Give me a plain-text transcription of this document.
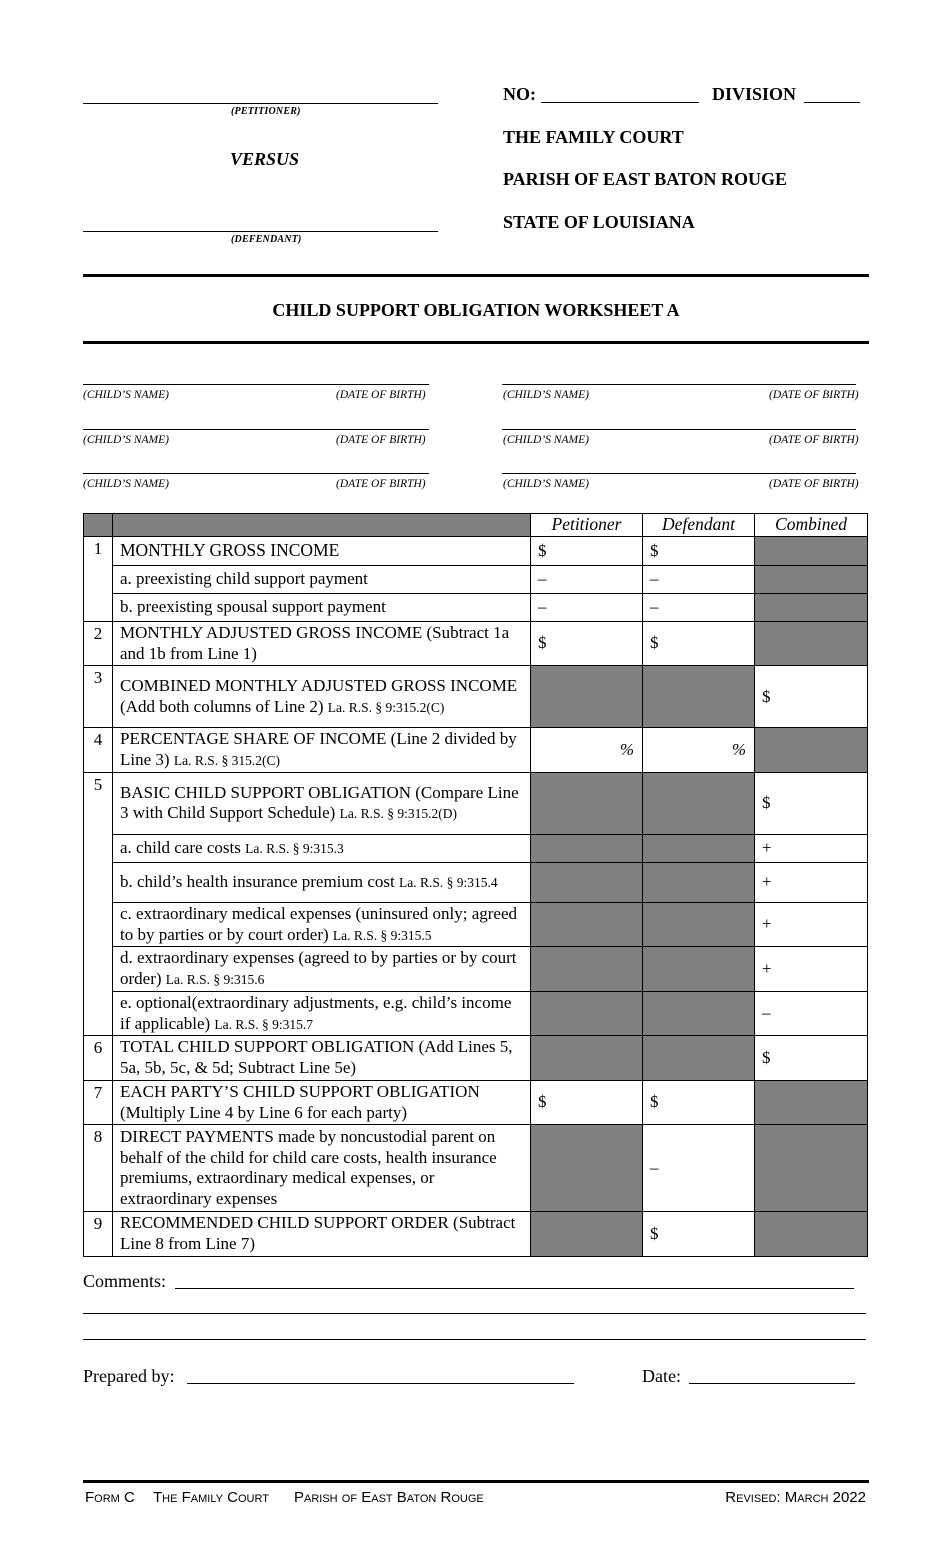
(PETITIONER)
VERSUS
(DEFENDANT)
NO:	DIVISION
THE FAMILY COURT
PARISH OF EAST BATON ROUGE
STATE OF LOUISIANA
CHILD SUPPORT OBLIGATION WORKSHEET A
(CHILD’S NAME)	(DATE OF BIRTH)	(CHILD’S NAME)	(DATE OF BIRTH)
(CHILD’S NAME)	(DATE OF BIRTH)	(CHILD’S NAME)	(DATE OF BIRTH)
(CHILD’S NAME)	(DATE OF BIRTH)	(CHILD’S NAME)	(DATE OF BIRTH)
		Petitioner	Defendant	Combined
1	MONTHLY GROSS INCOME	$	$	
	a. preexisting child support payment	–	–	
	b. preexisting spousal support payment	–	–	
2	MONTHLY ADJUSTED GROSS INCOME (Subtract 1a and 1b from Line 1)	$	$	
3	COMBINED MONTHLY ADJUSTED GROSS INCOME (Add both columns of Line 2) La. R.S. § 9:315.2(C)			$
4	PERCENTAGE SHARE OF INCOME (Line 2 divided by Line 3) La. R.S. § 315.2(C)	%	%	
5	BASIC CHILD SUPPORT OBLIGATION (Compare Line 3 with Child Support Schedule) La. R.S. § 9:315.2(D)			$
	a. child care costs La. R.S. § 9:315.3			+
	b. child’s health insurance premium cost La. R.S. § 9:315.4			+
	c. extraordinary medical expenses (uninsured only; agreed to by parties or by court order) La. R.S. § 9:315.5			+
	d. extraordinary expenses (agreed to by parties or by court order) La. R.S. § 9:315.6			+
	e. optional(extraordinary adjustments, e.g. child’s income if applicable) La. R.S. § 9:315.7			–
6	TOTAL CHILD SUPPORT OBLIGATION (Add Lines 5, 5a, 5b, 5c, & 5d; Subtract Line 5e)			$
7	EACH PARTY’S CHILD SUPPORT OBLIGATION (Multiply Line 4 by Line 6 for each party)	$	$	
8	DIRECT PAYMENTS made by noncustodial parent on behalf of the child for child care costs, health insurance premiums, extraordinary medical expenses, or extraordinary expenses		–	
9	RECOMMENDED CHILD SUPPORT ORDER (Subtract Line 8 from Line 7)		$	
Comments:
Prepared by:	Date:
Form C The Family Court Parish of East Baton Rouge	Revised: March 2022
